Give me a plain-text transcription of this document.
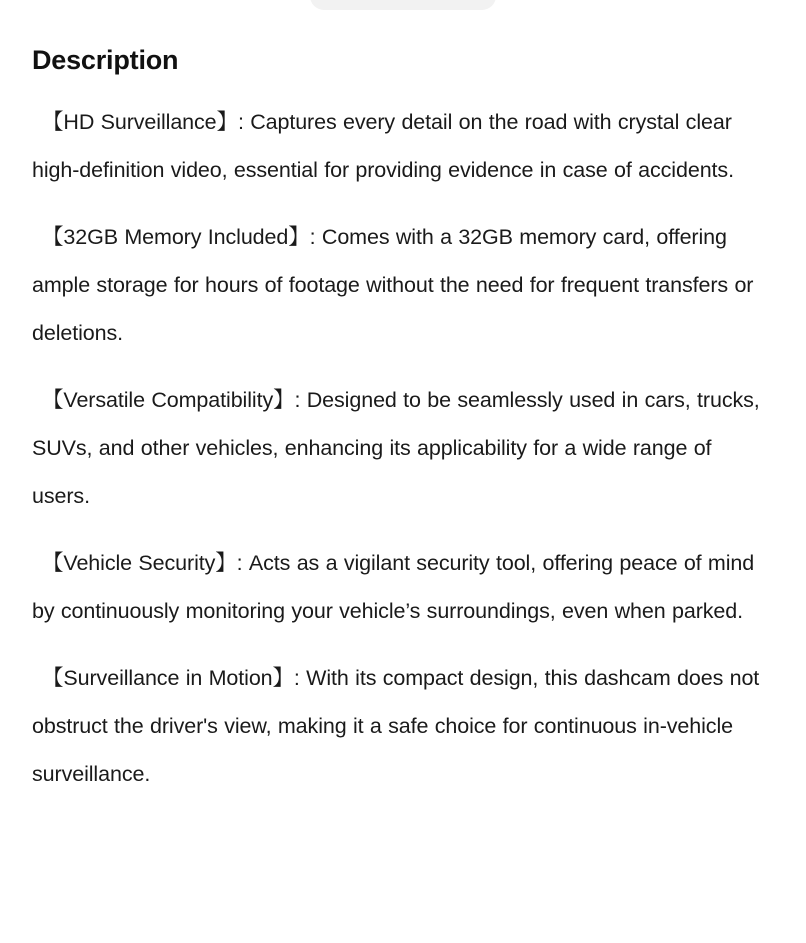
Description

【HD Surveillance】: Captures every detail on the road with crystal clear high-definition video, essential for providing evidence in case of accidents.

【32GB Memory Included】: Comes with a 32GB memory card, offering ample storage for hours of footage without the need for frequent transfers or deletions.

【Versatile Compatibility】: Designed to be seamlessly used in cars, trucks, SUVs, and other vehicles, enhancing its applicability for a wide range of users.

【Vehicle Security】: Acts as a vigilant security tool, offering peace of mind by continuously monitoring your vehicle’s surroundings, even when parked.

【Surveillance in Motion】: With its compact design, this dashcam does not obstruct the driver's view, making it a safe choice for continuous in-vehicle surveillance.
